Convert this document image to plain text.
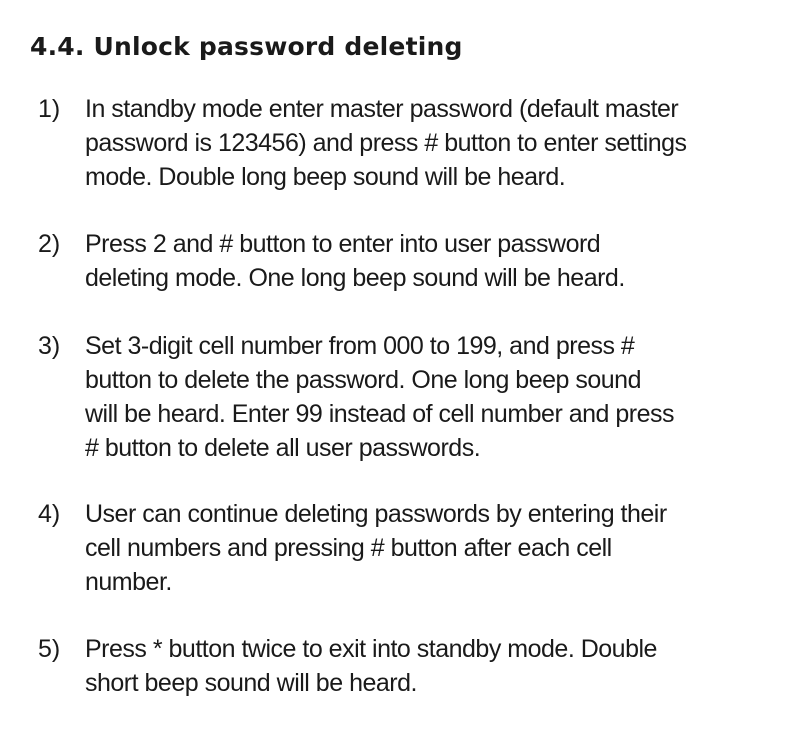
4.4. Unlock password deleting
1) In standby mode enter master password (default master
password is 123456) and press # button to enter settings
mode. Double long beep sound will be heard.
2) Press 2 and # button to enter into user password
deleting mode. One long beep sound will be heard.
3) Set 3-digit cell number from 000 to 199, and press #
button to delete the password. One long beep sound
will be heard. Enter 99 instead of cell number and press
# button to delete all user passwords.
4) User can continue deleting passwords by entering their
cell numbers and pressing # button after each cell
number.
5) Press * button twice to exit into standby mode. Double
short beep sound will be heard.
